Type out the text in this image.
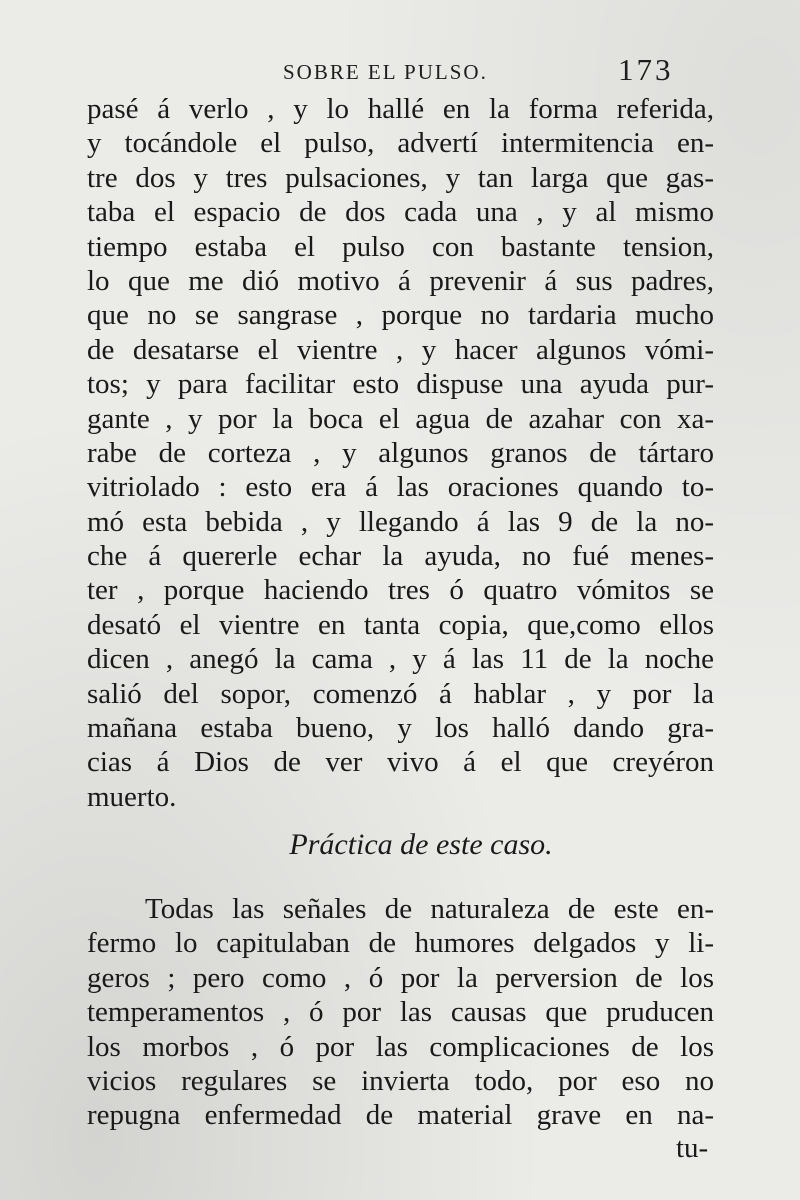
SOBRE EL PULSO.	173
pasé á verlo , y lo hallé en la forma referida,
y tocándole el pulso, advertí intermitencia en-
tre dos y tres pulsaciones, y tan larga que gas-
taba el espacio de dos cada una , y al mismo
tiempo estaba el pulso con bastante tension,
lo que me dió motivo á prevenir á sus padres,
que no se sangrase , porque no tardaria mucho
de desatarse el vientre , y hacer algunos vómi-
tos; y para facilitar esto dispuse una ayuda pur-
gante , y por la boca el agua de azahar con xa-
rabe de corteza , y algunos granos de tártaro
vitriolado : esto era á las oraciones quando to-
mó esta bebida , y llegando á las 9 de la no-
che á quererle echar la ayuda, no fué menes-
ter , porque haciendo tres ó quatro vómitos se
desató el vientre en tanta copia, que,como ellos
dicen , anegó la cama , y á las 11 de la noche
salió del sopor, comenzó á hablar , y por la
mañana estaba bueno, y los halló dando gra-
cias á Dios de ver vivo á el que creyéron
muerto.
Práctica de este caso.
Todas las señales de naturaleza de este en-
fermo lo capitulaban de humores delgados y li-
geros ; pero como , ó por la perversion de los
temperamentos , ó por las causas que pruducen
los morbos , ó por las complicaciones de los
vicios regulares se invierta todo, por eso no
repugna enfermedad de material grave en na-
tu-
